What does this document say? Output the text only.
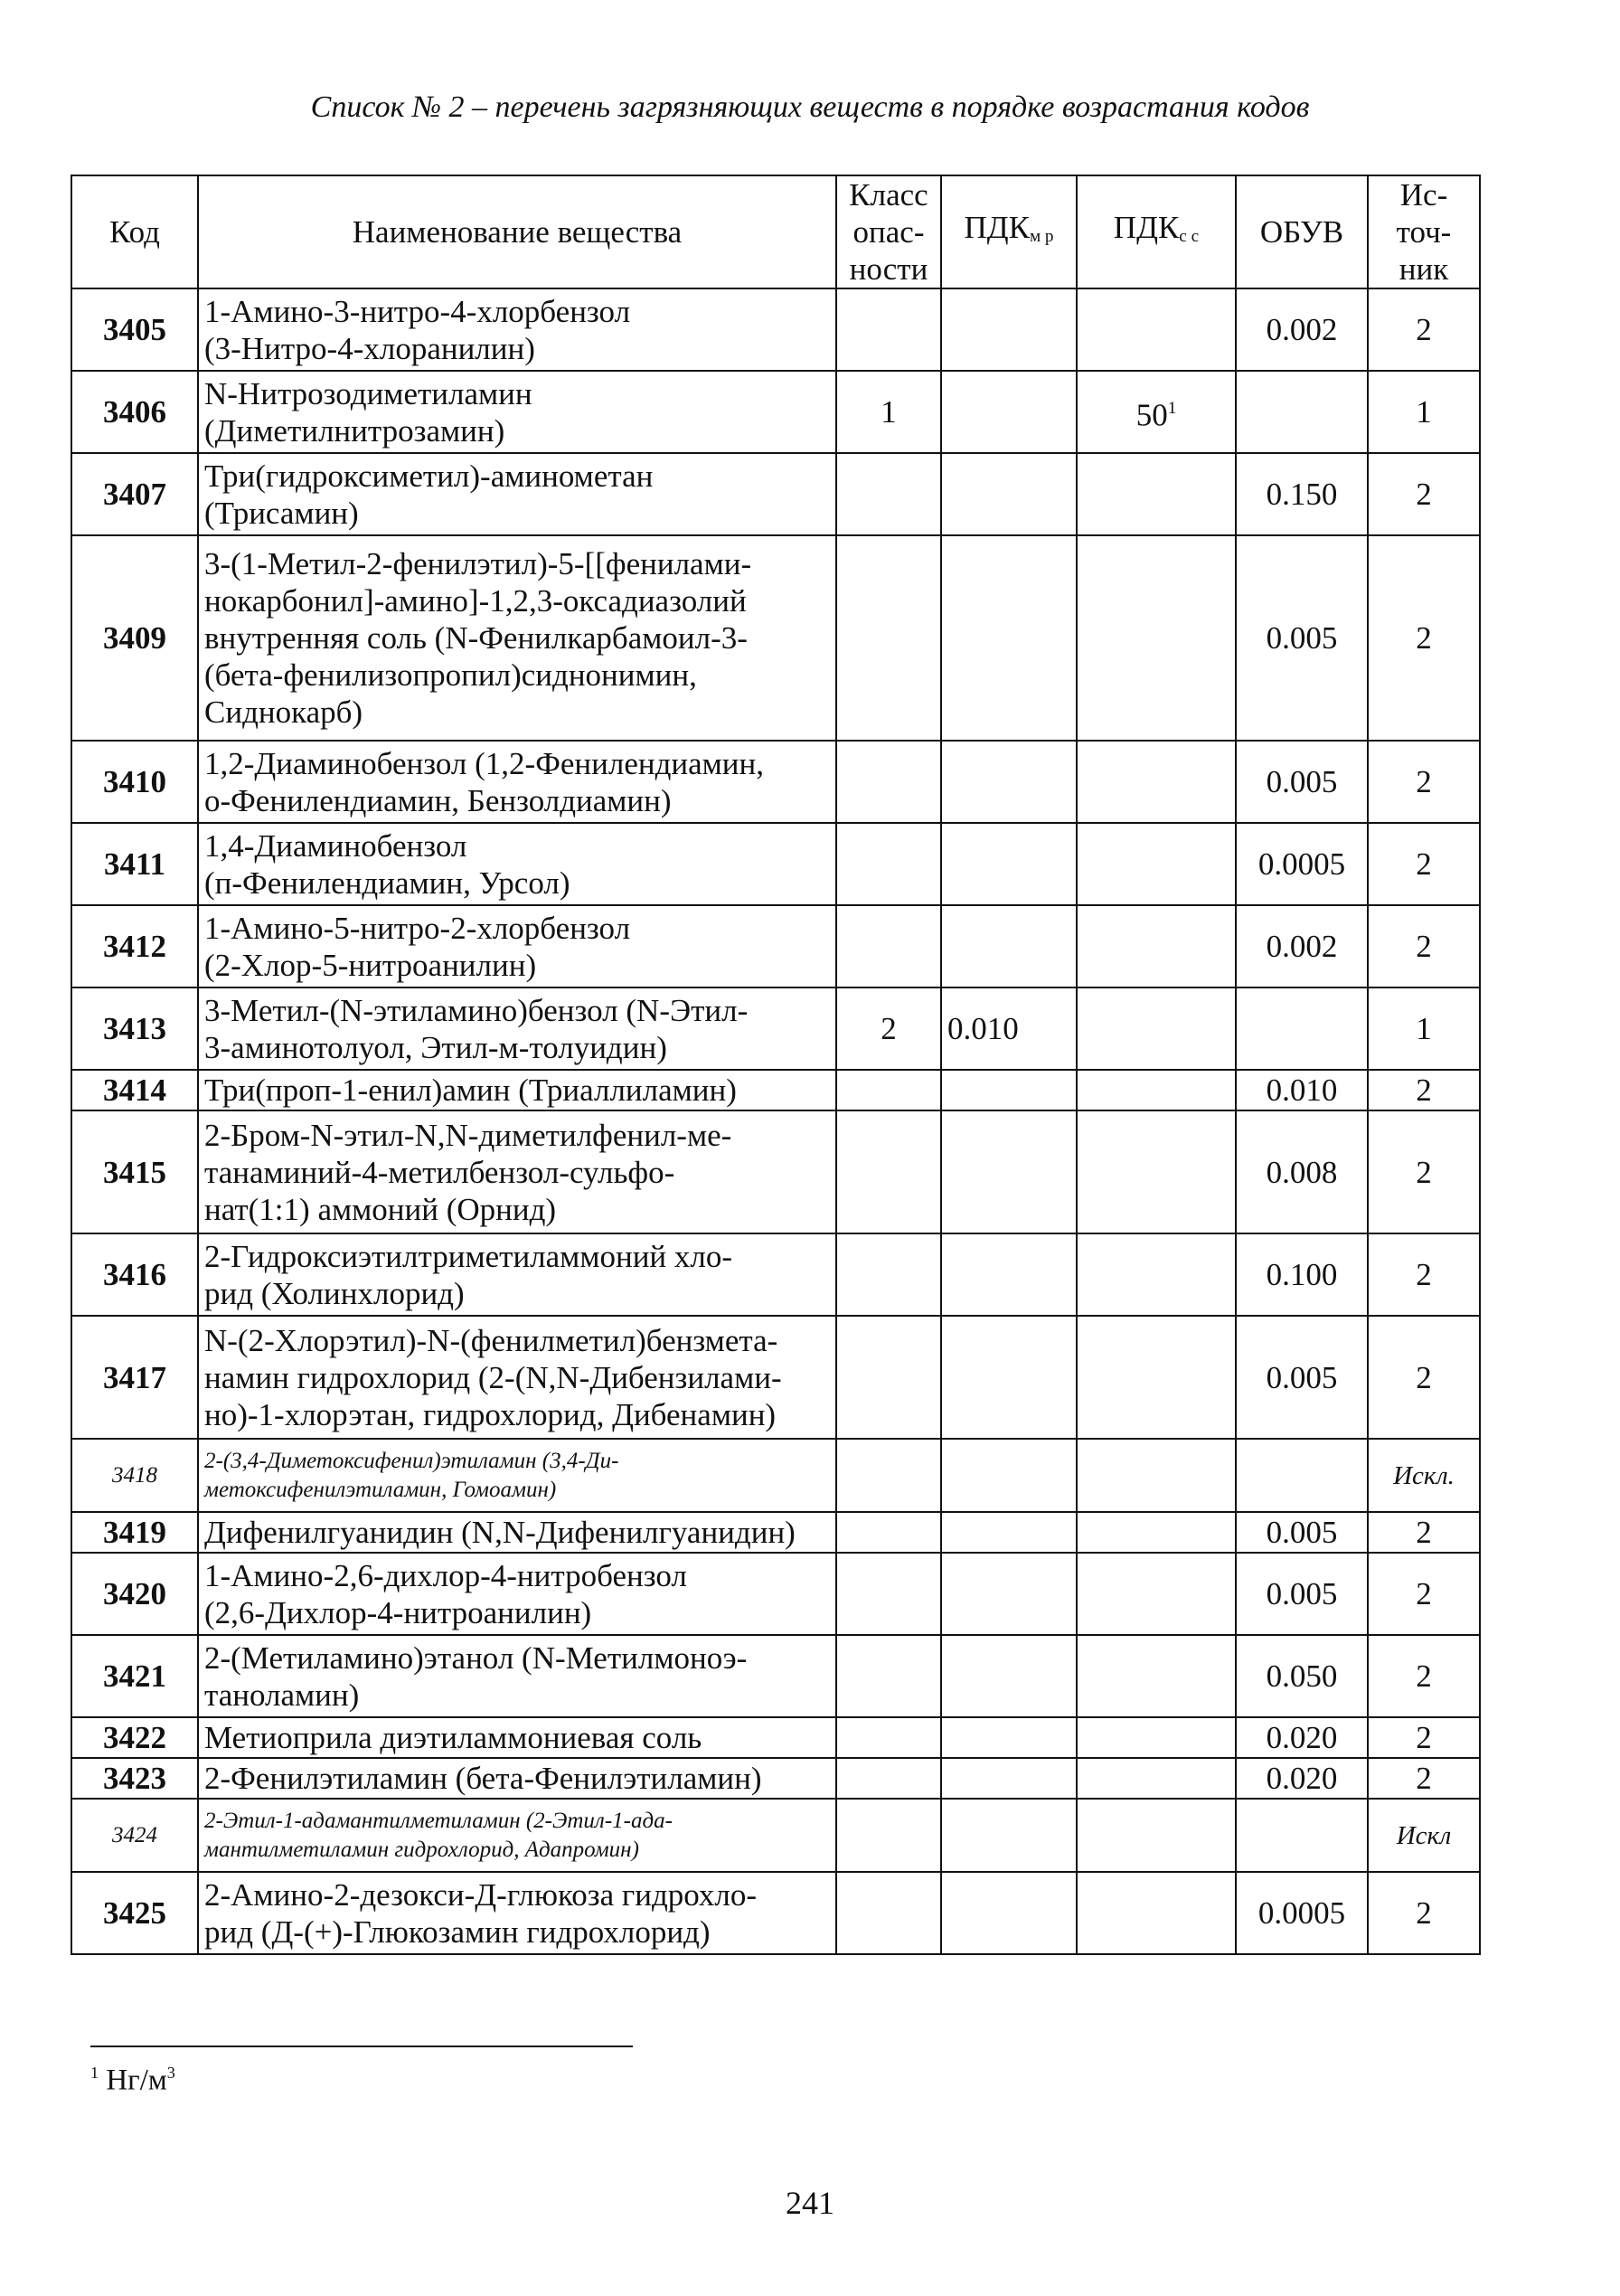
Список № 2 – перечень загрязняющих веществ в порядке возрастания кодов
Код	Наименование вещества	Класс
опас-
ности	$ПДК_{м р}$	$ПДК_{с с}$	ОБУВ	Ис-
точ-
ник
3405	1-Амино-3-нитро-4-хлорбензол
(3-Нитро-4-хлоранилин)				0.002	2
3406	N-Нитрозодиметиламин
(Диметилнитрозамин)	1		$50^1$		1
3407	Три(гидроксиметил)-аминометан
(Трисамин)				0.150	2
3409	3-(1-Метил-2-фенилэтил)-5-[[фенилами-
нокарбонил]-амино]-1,2,3-оксадиазолий
внутренняя соль (N-Фенилкарбамоил-3-
(бета-фенилизопропил)сиднонимин,
Сиднокарб)				0.005	2
3410	1,2-Диаминобензол (1,2-Фенилендиамин,
о-Фенилендиамин, Бензолдиамин)				0.005	2
3411	1,4-Диаминобензол
(п-Фенилендиамин, Урсол)				0.0005	2
3412	1-Амино-5-нитро-2-хлорбензол
(2-Хлор-5-нитроанилин)				0.002	2
3413	3-Метил-(N-этиламино)бензол (N-Этил-
3-аминотолуол, Этил-м-толуидин)	2	0.010			1
3414	Три(проп-1-енил)амин (Триаллиламин)				0.010	2
3415	2-Бром-N-этил-N,N-диметилфенил-ме-
танаминий-4-метилбензол-сульфо-
нат(1:1) аммоний (Орнид)				0.008	2
3416	2-Гидроксиэтилтриметиламмоний хло-
рид (Холинхлорид)				0.100	2
3417	N-(2-Хлорэтил)-N-(фенилметил)бензмета-
намин гидрохлорид (2-(N,N-Дибензилами-
но)-1-хлорэтан, гидрохлорид, Дибенамин)				0.005	2
3418	2-(3,4-Диметоксифенил)этиламин (3,4-Ди-
метоксифенилэтиламин, Гомоамин)					Искл.
3419	Дифенилгуанидин (N,N-Дифенилгуанидин)				0.005	2
3420	1-Амино-2,6-дихлор-4-нитробензол
(2,6-Дихлор-4-нитроанилин)				0.005	2
3421	2-(Метиламино)этанол (N-Метилмоноэ-
таноламин)				0.050	2
3422	Метиоприла диэтиламмониевая соль				0.020	2
3423	2-Фенилэтиламин (бета-Фенилэтиламин)				0.020	2
3424	2-Этил-1-адамантилметиламин (2-Этил-1-ада-
мантилметиламин гидрохлорид, Адапромин)					Искл
3425	2-Амино-2-дезокси-Д-глюкоза гидрохло-
рид (Д-(+)-Глюкозамин гидрохлорид)				0.0005	2
$^1$ $Нг/м^3$
241
